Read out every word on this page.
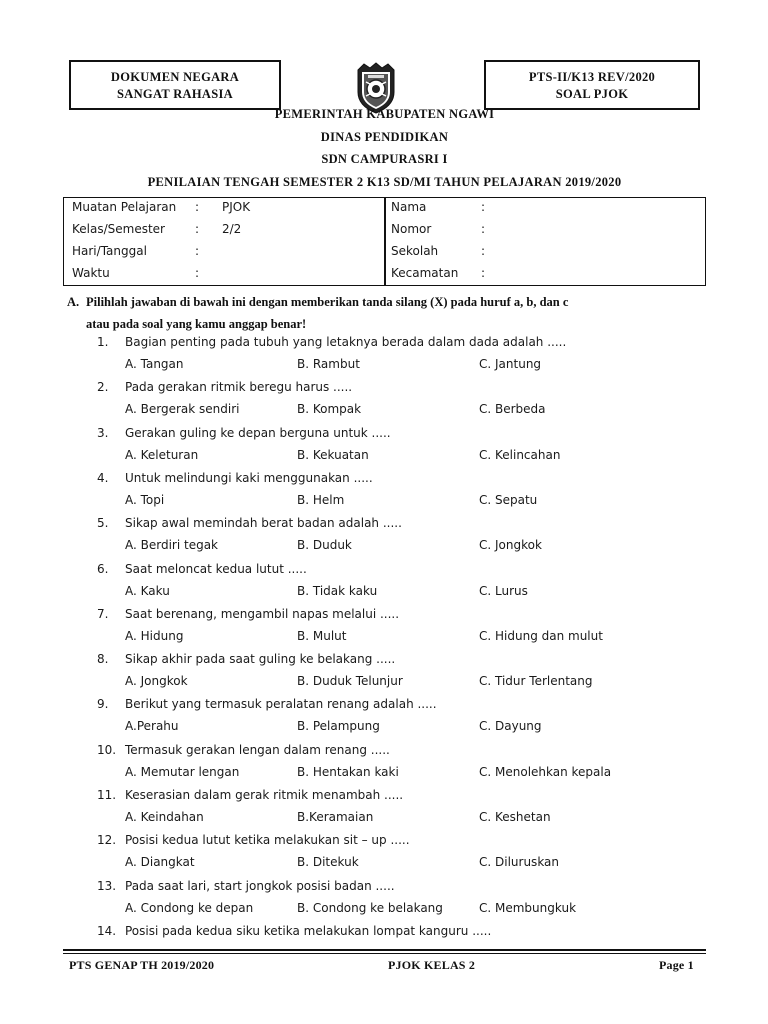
DOKUMEN NEGARA
SANGAT RAHASIA
PTS-II/K13 REV/2020
SOAL PJOK
PEMERINTAH KABUPATEN NGAWI
DINAS PENDIDIKAN
SDN CAMPURASRI I
PENILAIAN TENGAH SEMESTER 2 K13 SD/MI TAHUN PELAJARAN 2019/2020
Muatan Pelajaran : PJOK
Kelas/Semester	: 2/2
Hari/Tanggal	:
Waktu	:
Nama	:
Nomor	:
Sekolah	:
Kecamatan :
A. Pilihlah jawaban di bawah ini dengan memberikan tanda silang (X) pada huruf a, b, dan c
atau pada soal yang kamu anggap benar!
1. Bagian penting pada tubuh yang letaknya berada dalam dada adalah .....
A. Tangan	B. Rambut	C. Jantung
2. Pada gerakan ritmik beregu harus .....
A. Bergerak sendiri	B. Kompak	C. Berbeda
3. Gerakan guling ke depan berguna untuk .....
A. Keleturan	B. Kekuatan	C. Kelincahan
4. Untuk melindungi kaki menggunakan .....
A. Topi	B. Helm	C. Sepatu
5. Sikap awal memindah berat badan adalah .....
A. Berdiri tegak	B. Duduk	C. Jongkok
6. Saat meloncat kedua lutut .....
A. Kaku	B. Tidak kaku	C. Lurus
7. Saat berenang, mengambil napas melalui .....
A. Hidung	B. Mulut	C. Hidung dan mulut
8. Sikap akhir pada saat guling ke belakang .....
A. Jongkok	B. Duduk Telunjur	C. Tidur Terlentang
9. Berikut yang termasuk peralatan renang adalah .....
A.Perahu	B. Pelampung	C. Dayung
10. Termasuk gerakan lengan dalam renang .....
A. Memutar lengan	B. Hentakan kaki	C. Menolehkan kepala
11. Keserasian dalam gerak ritmik menambah .....
A. Keindahan	B.Keramaian	C. Keshetan
12. Posisi kedua lutut ketika melakukan sit – up .....
A. Diangkat	B. Ditekuk	C. Diluruskan
13. Pada saat lari, start jongkok posisi badan .....
A. Condong ke depan	B. Condong ke belakang	C. Membungkuk
14. Posisi pada kedua siku ketika melakukan lompat kanguru .....
PTS GENAP TH 2019/2020	PJOK KELAS 2	Page 1
